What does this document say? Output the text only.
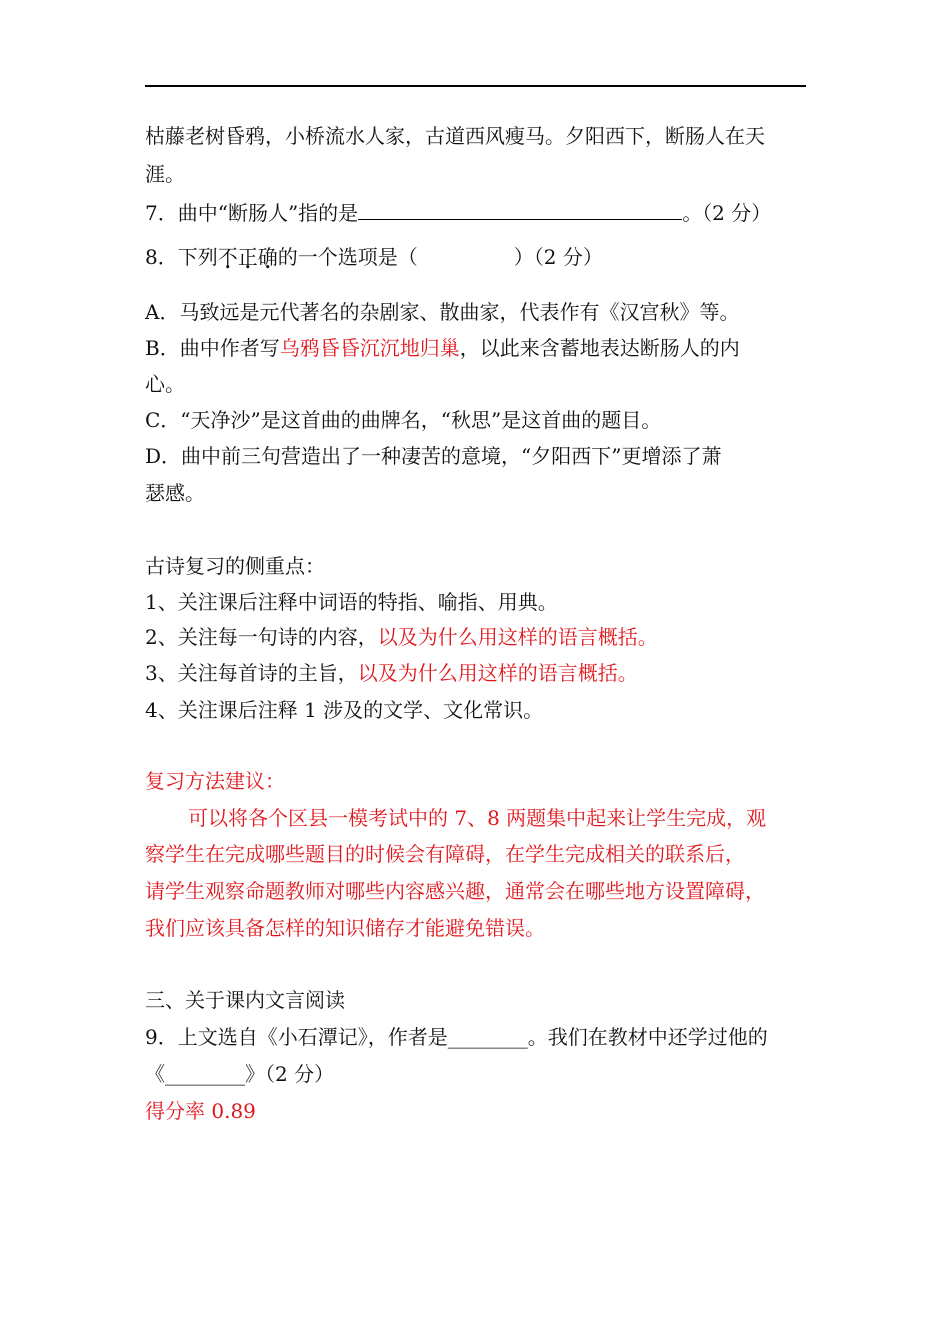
枯藤老树昏鸦，小桥流水人家，古道西风瘦马。夕阳西下，断肠人在天
涯。
7．曲中“断肠人”指的是	。（2 分）
8．下列不正确的一个选项是（	）（2 分）
A．马致远是元代著名的杂剧家、散曲家，代表作有《汉宫秋》等。
B．曲中作者写乌鸦昏昏沉沉地归巢，以此来含蓄地表达断肠人的内
心。
C．“天净沙”是这首曲的曲牌名，“秋思”是这首曲的题目。
D．曲中前三句营造出了一种凄苦的意境，“夕阳西下”更增添了萧
瑟感。
古诗复习的侧重点：
1、关注课后注释中词语的特指、喻指、用典。
2、关注每一句诗的内容，以及为什么用这样的语言概括。
3、关注每首诗的主旨，以及为什么用这样的语言概括。
4、关注课后注释 1 涉及的文学、文化常识。
复习方法建议：
可以将各个区县一模考试中的 7、8 两题集中起来让学生完成，观
察学生在完成哪些题目的时候会有障碍，在学生完成相关的联系后，
请学生观察命题教师对哪些内容感兴趣，通常会在哪些地方设置障碍，
我们应该具备怎样的知识储存才能避免错误。
三、关于课内文言阅读
9．上文选自《小石潭记》，作者是________。我们在教材中还学过他的
《________》（2 分）
得分率 0.89
